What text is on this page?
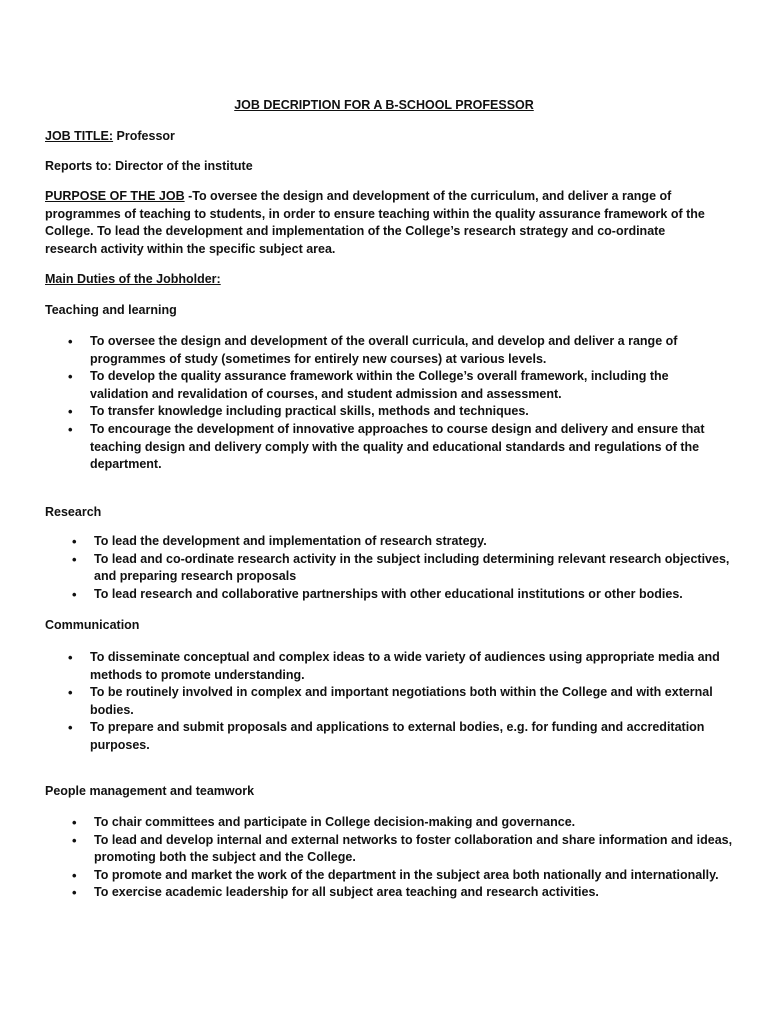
JOB DECRIPTION FOR A B-SCHOOL PROFESSOR
JOB TITLE: Professor
Reports to: Director of the institute
PURPOSE OF THE JOB -To oversee the design and development of the curriculum, and deliver a range of programmes of teaching to students, in order to ensure teaching within the quality assurance framework of the College. To lead the development and implementation of the College’s research strategy and co-ordinate research activity within the specific subject area.
Main Duties of the Jobholder:
Teaching and learning
• To oversee the design and development of the overall curricula, and develop and deliver a range of programmes of study (sometimes for entirely new courses) at various levels.
• To develop the quality assurance framework within the College’s overall framework, including the validation and revalidation of courses, and student admission and assessment.
• To transfer knowledge including practical skills, methods and techniques.
• To encourage the development of innovative approaches to course design and delivery and ensure that teaching design and delivery comply with the quality and educational standards and regulations of the department.
Research
• To lead the development and implementation of research strategy.
• To lead and co-ordinate research activity in the subject including determining relevant research objectives, and preparing research proposals
• To lead research and collaborative partnerships with other educational institutions or other bodies.
Communication
• To disseminate conceptual and complex ideas to a wide variety of audiences using appropriate media and methods to promote understanding.
• To be routinely involved in complex and important negotiations both within the College and with external bodies.
• To prepare and submit proposals and applications to external bodies, e.g. for funding and accreditation purposes.
People management and teamwork
• To chair committees and participate in College decision-making and governance.
• To lead and develop internal and external networks to foster collaboration and share information and ideas, promoting both the subject and the College.
• To promote and market the work of the department in the subject area both nationally and internationally.
• To exercise academic leadership for all subject area teaching and research activities.
